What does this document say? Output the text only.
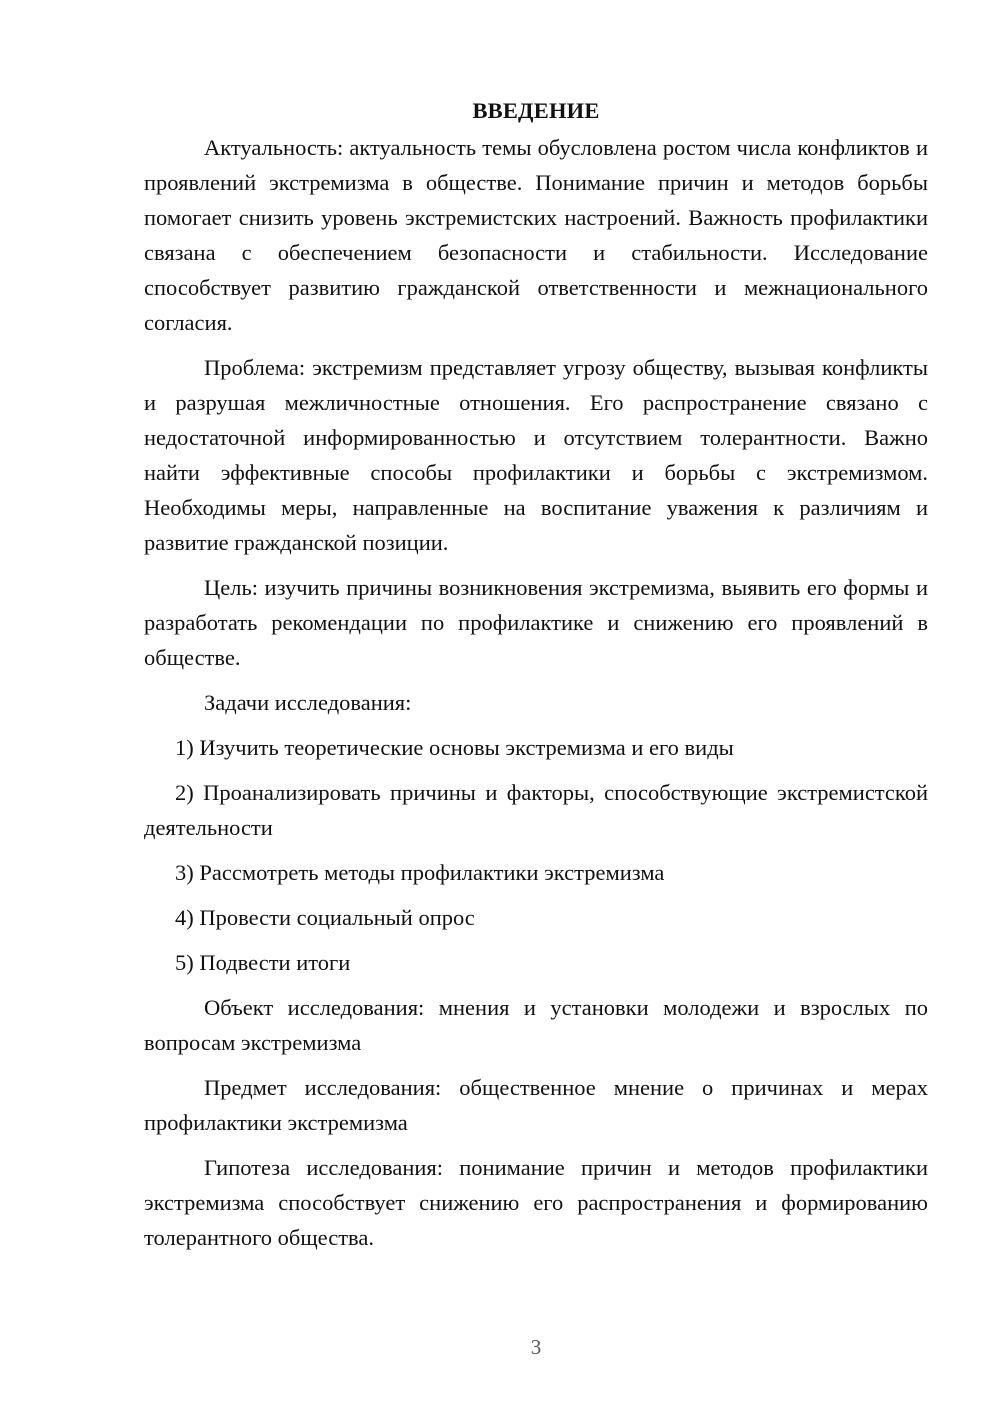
ВВЕДЕНИЕ

Актуальность: актуальность темы обусловлена ростом числа конфликтов и проявлений экстремизма в обществе. Понимание причин и методов борьбы помогает снизить уровень экстремистских настроений. Важность профилактики связана с обеспечением безопасности и стабильности. Исследование способствует развитию гражданской ответственности и межнационального согласия.

Проблема: экстремизм представляет угрозу обществу, вызывая конфликты и разрушая межличностные отношения. Его распространение связано с недостаточной информированностью и отсутствием толерантности. Важно найти эффективные способы профилактики и борьбы с экстремизмом. Необходимы меры, направленные на воспитание уважения к различиям и развитие гражданской позиции.

Цель: изучить причины возникновения экстремизма, выявить его формы и разработать рекомендации по профилактике и снижению его проявлений в обществе.

Задачи исследования:

1) Изучить теоретические основы экстремизма и его виды

2) Проанализировать причины и факторы, способствующие экстремистской деятельности

3) Рассмотреть методы профилактики экстремизма

4) Провести социальный опрос

5) Подвести итоги

Объект исследования: мнения и установки молодежи и взрослых по вопросам экстремизма

Предмет исследования: общественное мнение о причинах и мерах профилактики экстремизма

Гипотеза исследования: понимание причин и методов профилактики экстремизма способствует снижению его распространения и формированию толерантного общества.

3
